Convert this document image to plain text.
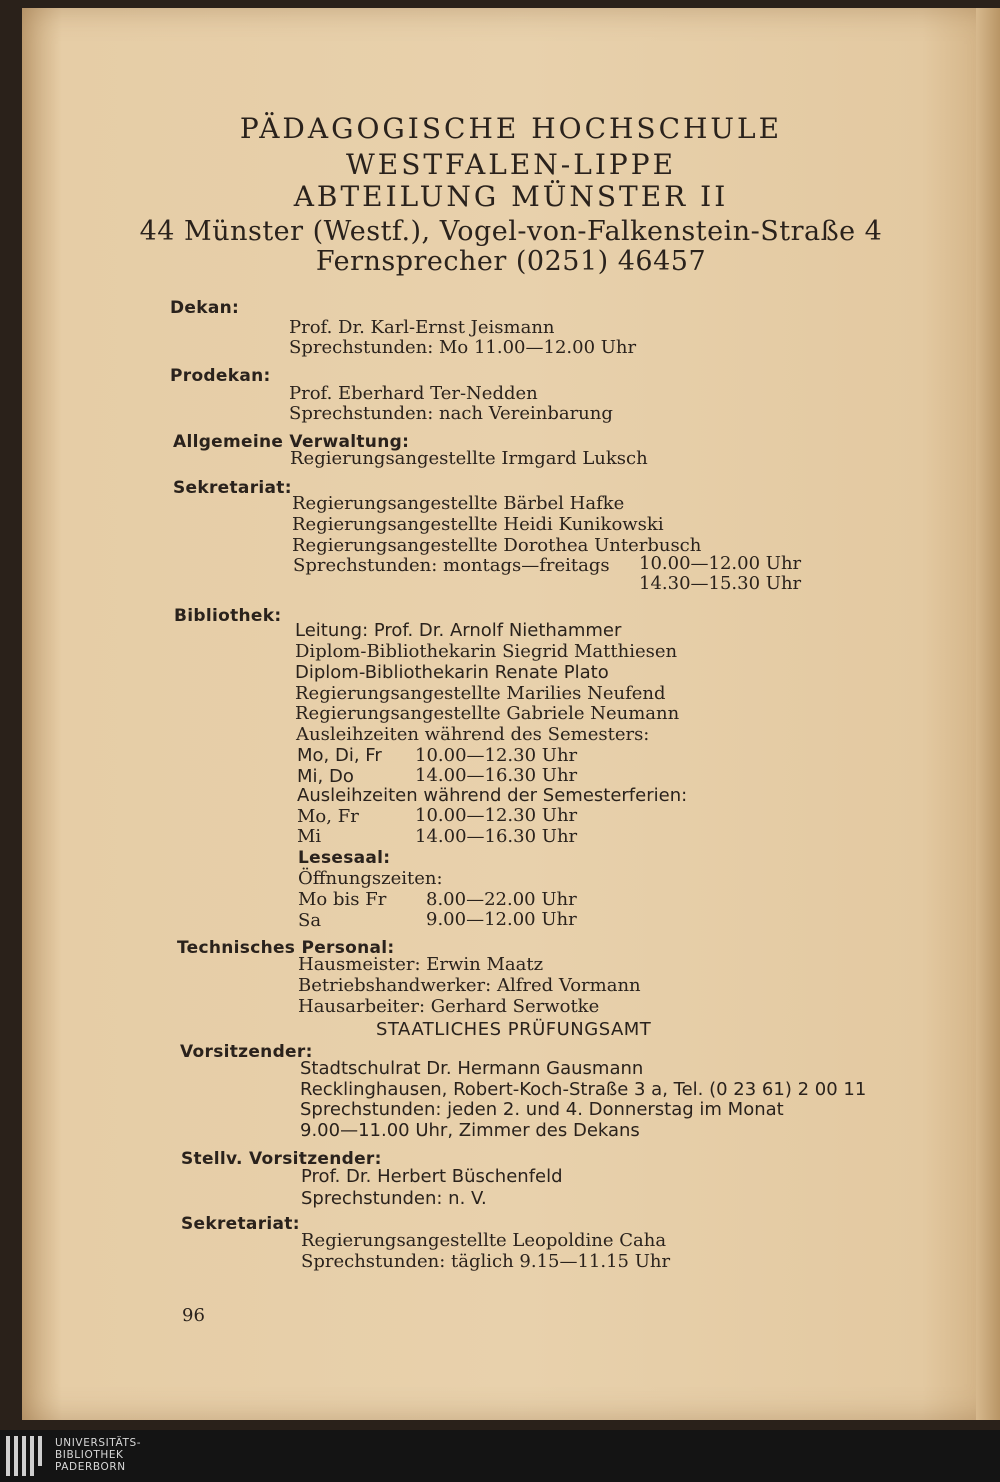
PÄDAGOGISCHE HOCHSCHULE
WESTFALEN-LIPPE
ABTEILUNG MÜNSTER II
44 Münster (Westf.), Vogel-von-Falkenstein-Straße 4
Fernsprecher (0251) 46457
Dekan:
Prof. Dr. Karl-Ernst Jeismann
Sprechstunden: Mo 11.00—12.00 Uhr
Prodekan:
Prof. Eberhard Ter-Nedden
Sprechstunden: nach Vereinbarung
Allgemeine Verwaltung:
Regierungsangestellte Irmgard Luksch
Sekretariat:
Regierungsangestellte Bärbel Hafke
Regierungsangestellte Heidi Kunikowski
Regierungsangestellte Dorothea Unterbusch
Sprechstunden: montags—freitags 10.00—12.00 Uhr
14.30—15.30 Uhr
Bibliothek:
Leitung: Prof. Dr. Arnolf Niethammer
Diplom-Bibliothekarin Siegrid Matthiesen
Diplom-Bibliothekarin Renate Plato
Regierungsangestellte Marilies Neufend
Regierungsangestellte Gabriele Neumann
Ausleihzeiten während des Semesters:
Mo, Di, Fr 10.00—12.30 Uhr
Mi, Do	14.00—16.30 Uhr
Ausleihzeiten während der Semesterferien:
Mo, Fr	10.00—12.30 Uhr
Mi	14.00—16.30 Uhr
Lesesaal:
Öffnungszeiten:
Mo bis Fr 8.00—22.00 Uhr
Sa	9.00—12.00 Uhr
Technisches Personal:
Hausmeister: Erwin Maatz
Betriebshandwerker: Alfred Vormann
Hausarbeiter: Gerhard Serwotke
STAATLICHES PRÜFUNGSAMT
Vorsitzender:
Stadtschulrat Dr. Hermann Gausmann
Recklinghausen, Robert-Koch-Straße 3 a, Tel. (0 23 61) 2 00 11
Sprechstunden: jeden 2. und 4. Donnerstag im Monat
9.00—11.00 Uhr, Zimmer des Dekans
Stellv. Vorsitzender:
Prof. Dr. Herbert Büschenfeld
Sprechstunden: n. V.
Sekretariat:
Regierungsangestellte Leopoldine Caha
Sprechstunden: täglich 9.15—11.15 Uhr
96
UNIVERSITÄTS-
BIBLIOTHEK
PADERBORN
